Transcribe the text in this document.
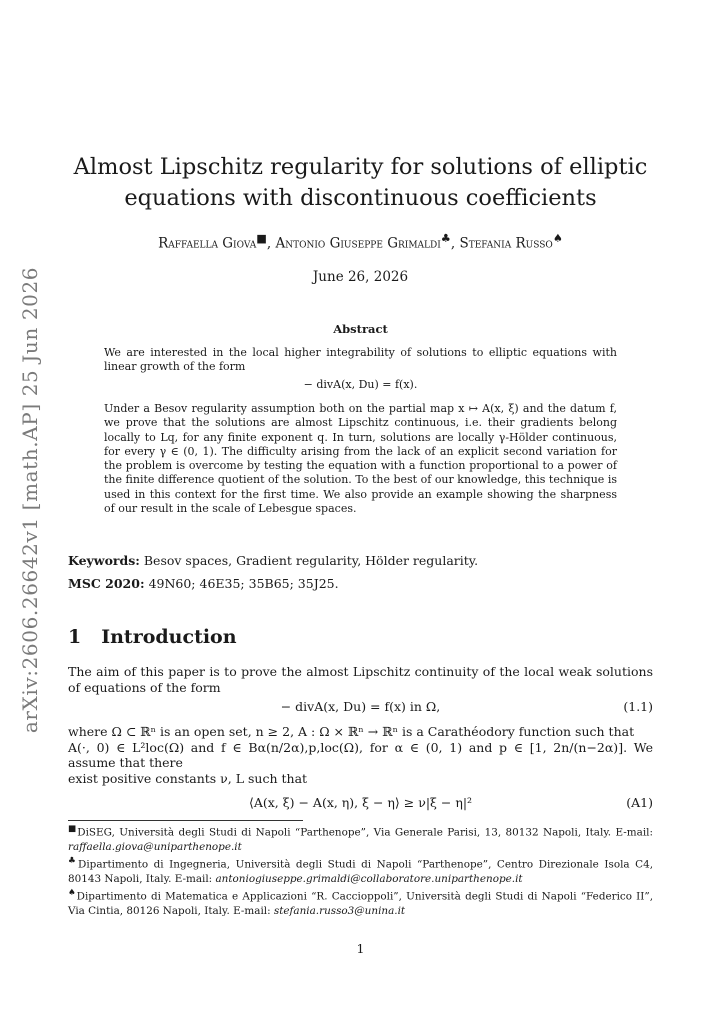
arXiv:2606.26642v1 [math.AP] 25 Jun 2026
Almost Lipschitz regularity for solutions of elliptic
equations with discontinuous coefficients
Raffaella Giova■, Antonio Giuseppe Grimaldi♣, Stefania Russo♠
June 26, 2026
Abstract
We are interested in the local higher integrability of solutions to elliptic equations with linear growth of the form
− divA(x, Du) = f(x).
Under a Besov regularity assumption both on the partial map x ↦ A(x, ξ) and the datum f, we prove that the solutions are almost Lipschitz continuous, i.e. their gradients belong locally to Lq, for any finite exponent q. In turn, solutions are locally γ-Hölder continuous, for every γ ∈ (0, 1). The difficulty arising from the lack of an explicit second variation for the problem is overcome by testing the equation with a function proportional to a power of the finite difference quotient of the solution. To the best of our knowledge, this technique is used in this context for the first time. We also provide an example showing the sharpness of our result in the scale of Lebesgue spaces.
Keywords: Besov spaces, Gradient regularity, Hölder regularity.
MSC 2020: 49N60; 46E35; 35B65; 35J25.
1 Introduction
The aim of this paper is to prove the almost Lipschitz continuity of the local weak solutions of equations of the form
− divA(x, Du) = f(x) in Ω,	(1.1)
where Ω ⊂ ℝⁿ is an open set, n ≥ 2, A : Ω × ℝⁿ → ℝⁿ is a Carathéodory function such that
A(·, 0) ∈ L²loc(Ω) and f ∈ Bα(n/2α),p,loc(Ω), for α ∈ (0, 1) and p ∈ [1, 2n/(n−2α)]. We assume that there
exist positive constants ν, L such that
⟨A(x, ξ) − A(x, η), ξ − η⟩ ≥ ν|ξ − η|²	(A1)
■DiSEG, Università degli Studi di Napoli “Parthenope”, Via Generale Parisi, 13, 80132 Napoli, Italy. E-mail: raffaella.giova@uniparthenope.it
♣Dipartimento di Ingegneria, Università degli Studi di Napoli “Parthenope”, Centro Direzionale Isola C4, 80143 Napoli, Italy. E-mail: antoniogiuseppe.grimaldi@collaboratore.uniparthenope.it
♠Dipartimento di Matematica e Applicazioni “R. Caccioppoli”, Università degli Studi di Napoli “Federico II”, Via Cintia, 80126 Napoli, Italy. E-mail: stefania.russo3@unina.it
1
